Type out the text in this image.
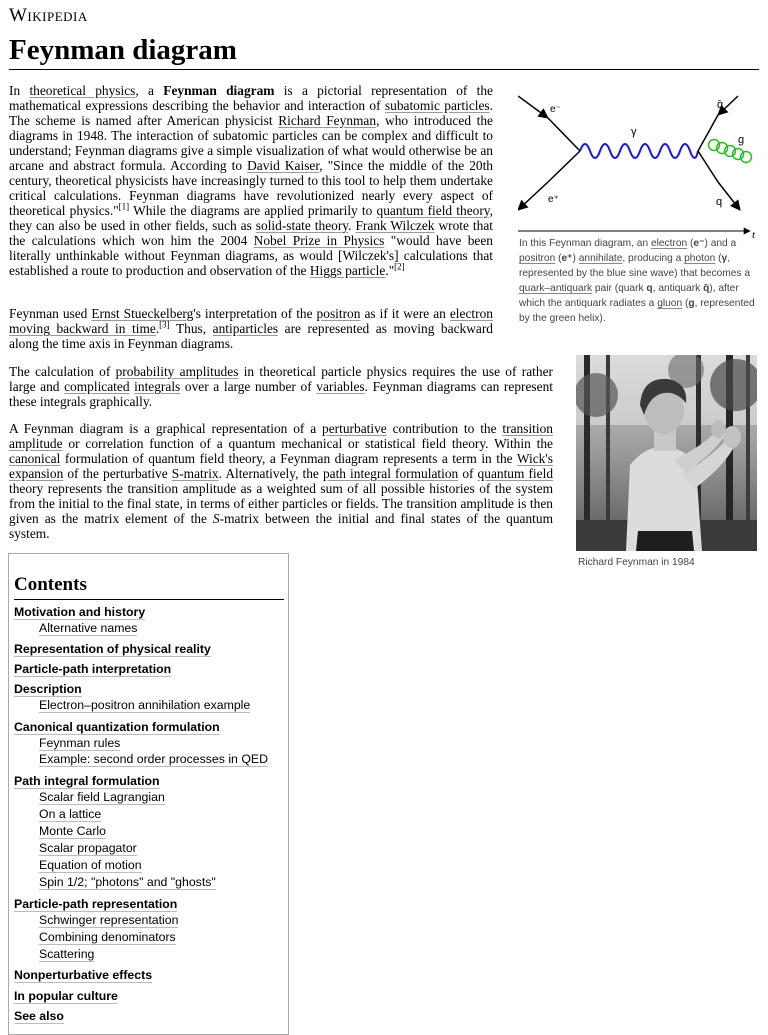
Wikipedia
Feynman diagram

In theoretical physics, a Feynman diagram is a pictorial representation of the mathematical expressions describing the behavior and interaction of subatomic particles. The scheme is named after American physicist Richard Feynman, who introduced the diagrams in 1948. The interaction of subatomic particles can be complex and difficult to understand; Feynman diagrams give a simple visualization of what would otherwise be an arcane and abstract formula. According to David Kaiser, "Since the middle of the 20th century, theoretical physicists have increasingly turned to this tool to help them undertake critical calculations. Feynman diagrams have revolutionized nearly every aspect of theoretical physics."[1] While the diagrams are applied primarily to quantum field theory, they can also be used in other fields, such as solid-state theory. Frank Wilczek wrote that the calculations which won him the 2004 Nobel Prize in Physics "would have been literally unthinkable without Feynman diagrams, as would [Wilczek's] calculations that established a route to production and observation of the Higgs particle."[2]

Feynman used Ernst Stueckelberg's interpretation of the positron as if it were an electron moving backward in time.[3] Thus, antiparticles are represented as moving backward along the time axis in Feynman diagrams.

The calculation of probability amplitudes in theoretical particle physics requires the use of rather large and complicated integrals over a large number of variables. Feynman diagrams can represent these integrals graphically.

A Feynman diagram is a graphical representation of a perturbative contribution to the transition amplitude or correlation function of a quantum mechanical or statistical field theory. Within the canonical formulation of quantum field theory, a Feynman diagram represents a term in the Wick's expansion of the perturbative S-matrix. Alternatively, the path integral formulation of quantum field theory represents the transition amplitude as a weighted sum of all possible histories of the system from the initial to the final state, in terms of either particles or fields. The transition amplitude is then given as the matrix element of the S-matrix between the initial and final states of the quantum system.

e⁻
e⁺
γ
q̄
g
q
t
In this Feynman diagram, an electron (e⁻) and a positron (e⁺) annihilate, producing a photon (γ, represented by the blue sine wave) that becomes a quark–antiquark pair (quark q, antiquark q̄), after which the antiquark radiates a gluon (g, represented by the green helix).
Richard Feynman in 1984
Contents
Motivation and history
Alternative names
Representation of physical reality
Particle-path interpretation
Description
Electron–positron annihilation example
Canonical quantization formulation
Feynman rules
Example: second order processes in QED
Path integral formulation
Scalar field Lagrangian
On a lattice
Monte Carlo
Scalar propagator
Equation of motion
Spin 1/2; "photons" and "ghosts"
Particle-path representation
Schwinger representation
Combining denominators
Scattering
Nonperturbative effects
In popular culture
See also
